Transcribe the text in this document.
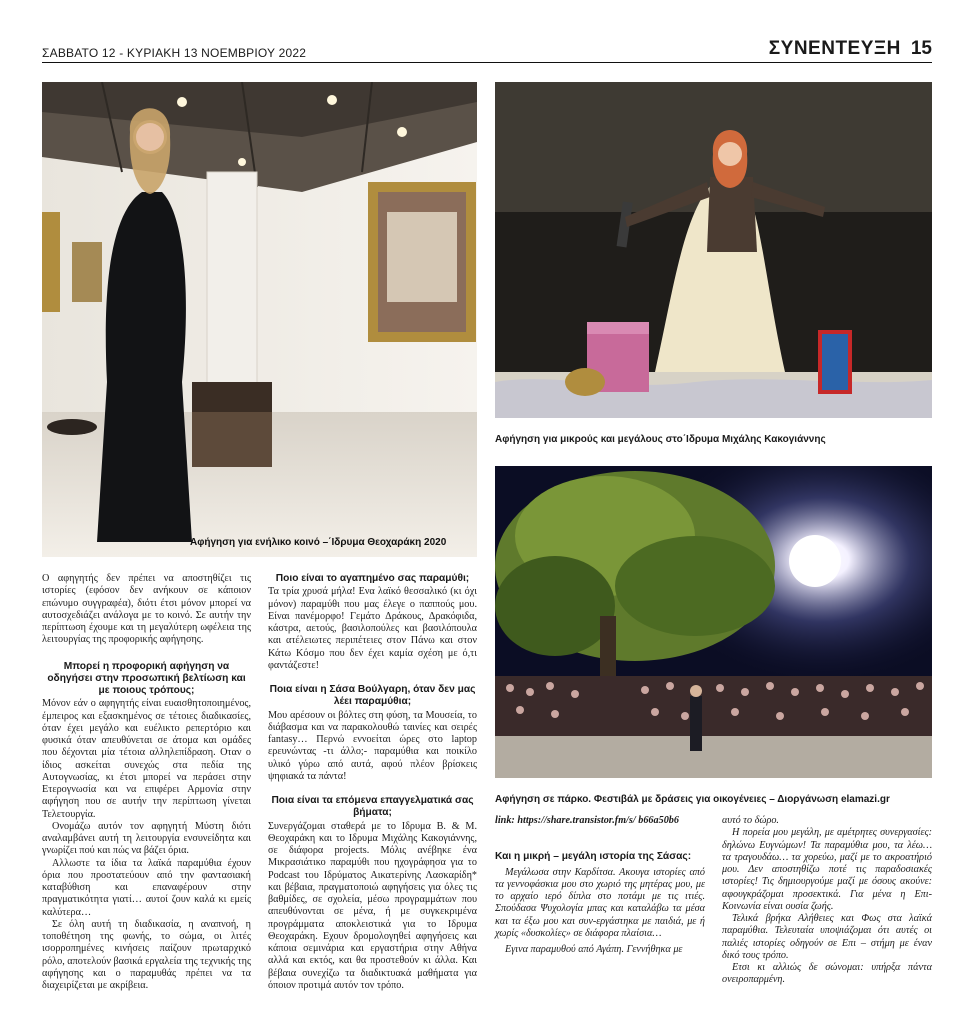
ΣΑΒΒΑΤΟ 12 - ΚΥΡΙΑΚΗ 13 ΝΟΕΜΒΡΙΟΥ 2022	ΣΥΝΕΝΤΕΥΞΗ 15
Αφήγηση για ενήλικο κοινό –΄Ιδρυμα Θεοχαράκη 2020
Αφήγηση για μικρούς και μεγάλους στο΄Ιδρυμα Μιχάλης Κακογιάννης
Αφήγηση σε πάρκο. Φεστιβάλ με δράσεις για οικογένειες – Διοργάνωση elamazi.gr

Ο αφηγητής δεν πρέπει να αποστηθίζει τις ιστορίες (εφόσον δεν ανήκουν σε κάποιον επώνυμο συγγραφέα), διότι έτσι μόνον μπορεί να αυτοσχεδιάζει ανάλογα με το κοινό. Σε αυτήν την περίπτωση έχουμε και τη μεγαλύτερη ωφέλεια της λειτουργίας της προφορικής αφήγησης.

Μπορεί η προφορική αφήγηση να οδηγήσει στην προσωπική βελτίωση και με ποιους τρόπους;

Μόνον εάν ο αφηγητής είναι ευαισθητοποιημένος, έμπειρος και εξασκημένος σε τέτοιες διαδικασίες, όταν έχει μεγάλο και ευέλικτο ρεπερτόριο και φυσικά όταν απευθύνεται σε άτομα και ομάδες που δέχονται μία τέτοια αλληλεπίδραση. Οταν ο ίδιος ασκείται συνεχώς στα πεδία της Αυτογνωσίας, κι έτσι μπορεί να περάσει στην Ετερογνωσία και να επιφέρει Αρμονία στην αφήγηση που σε αυτήν την περίπτωση γίνεται Τελετουργία.

Ονομάζω αυτόν τον αφηγητή Μύστη διότι αναλαμβάνει αυτή τη λειτουργία ενσυνείδητα και γνωρίζει πού και πώς να βάζει όρια.

Αλλωστε τα ίδια τα λαϊκά παραμύθια έχουν όρια που προστατεύουν από την φαντασιακή καταβύθιση και επαναφέρουν στην πραγματικότητα γιατί… αυτοί ζουν καλά κι εμείς καλύτερα…

Σε όλη αυτή τη διαδικασία, η αναπνοή, η τοποθέτηση της φωνής, το σώμα, οι λιτές ισορροπημένες κινήσεις παίζουν πρωταρχικό ρόλο, αποτελούν βασικά εργαλεία της τεχνικής της αφήγησης και ο παραμυθάς πρέπει να τα διαχειρίζεται με ακρίβεια.

Ποιο είναι το αγαπημένο σας παραμύθι;

Τα τρία χρυσά μήλα! Ενα λαϊκό θεσσαλικό (κι όχι μόνον) παραμύθι που μας έλεγε ο παππούς μου. Είναι πανέμορφο! Γεμάτο Δράκους, Δρακόφιδα, κάστρα, αετούς, βασιλοπούλες και βασιλόπουλα και ατέλειωτες περιπέτειες στον Πάνω και στον Κάτω Κόσμο που δεν έχει καμία σχέση με ό,τι φαντάζεστε!

Ποια είναι η Σάσα Βούλγαρη, όταν δεν μας λέει παραμύθια;

Μου αρέσουν οι βόλτες στη φύση, τα Μουσεία, το διάβασμα και να παρακολουθώ ταινίες και σειρές fantasy… Περνώ εννοείται ώρες στο laptop ερευνώντας -τι άλλο;- παραμύθια και ποικίλο υλικό γύρω από αυτά, αφού πλέον βρίσκεις ψηφιακά τα πάντα!

Ποια είναι τα επόμενα επαγγελματικά σας βήματα;

Συνεργάζομαι σταθερά με το Ιδρυμα Β. & Μ. Θεοχαράκη και το Ιδρυμα Μιχάλης Κακογιάννης, σε διάφορα projects. Μόλις ανέβηκε ένα Μικρασιάτικο παραμύθι που ηχογράφησα για το Podcast του Ιδρύματος Αικατερίνης Λασκαρίδη* και βέβαια, πραγματοποιώ αφηγήσεις για όλες τις βαθμίδες, σε σχολεία, μέσω προγραμμάτων που απευθύνονται σε μένα, ή με συγκεκριμένα προγράμματα αποκλειστικά για το Ιδρυμα Θεοχαράκη. Εχουν δρομολογηθεί αφηγήσεις και κάποια σεμινάρια και εργαστήρια στην Αθήνα αλλά και εκτός, και θα προστεθούν κι άλλα. Και βέβαια συνεχίζω τα διαδικτυακά μαθήματα για όποιον προτιμά αυτόν τον τρόπο.

link: https://share.transistor.fm/s/ b66a50b6

Και η μικρή – μεγάλη ιστορία της Σάσας:

Μεγάλωσα στην Καρδίτσα. Ακουγα ιστορίες από τα γεννοφάσκια μου στο χωριό της μητέρας μου, με το αρχαίο ιερό δίπλα στο ποτάμι με τις ιτιές. Σπούδασα Ψυχολογία μπας και καταλάβω τα μέσα και τα έξω μου και συν-εργάστηκα με παιδιά, με ή χωρίς «δυσκολίες» σε διάφορα πλαίσια…

Εγινα παραμυθού από Αγάπη. Γεννήθηκα με

αυτό το δώρο.

Η πορεία μου μεγάλη, με αμέτρητες συνεργασίες: δηλώνω Ευγνώμων! Τα παραμύθια μου, τα λέω… τα τραγουδάω… τα χορεύω, μαζί με το ακροατήριό μου. Δεν αποστηθίζω ποτέ τις παραδοσιακές ιστορίες! Τις δημιουργούμε μαζί με όσους ακούνε: αφουγκράζομαι προσεκτικά. Για μένα η Επι-Κοινωνία είναι ουσία ζωής.

Τελικά βρήκα Αλήθειες και Φως στα λαϊκά παραμύθια. Τελευταία υποψιάζομαι ότι αυτές οι παλιές ιστορίες οδηγούν σε Επι – στήμη με έναν δικό τους τρόπο.

Ετσι κι αλλιώς δε σώνομαι: υπήρξα πάντα ονειροπαρμένη.
